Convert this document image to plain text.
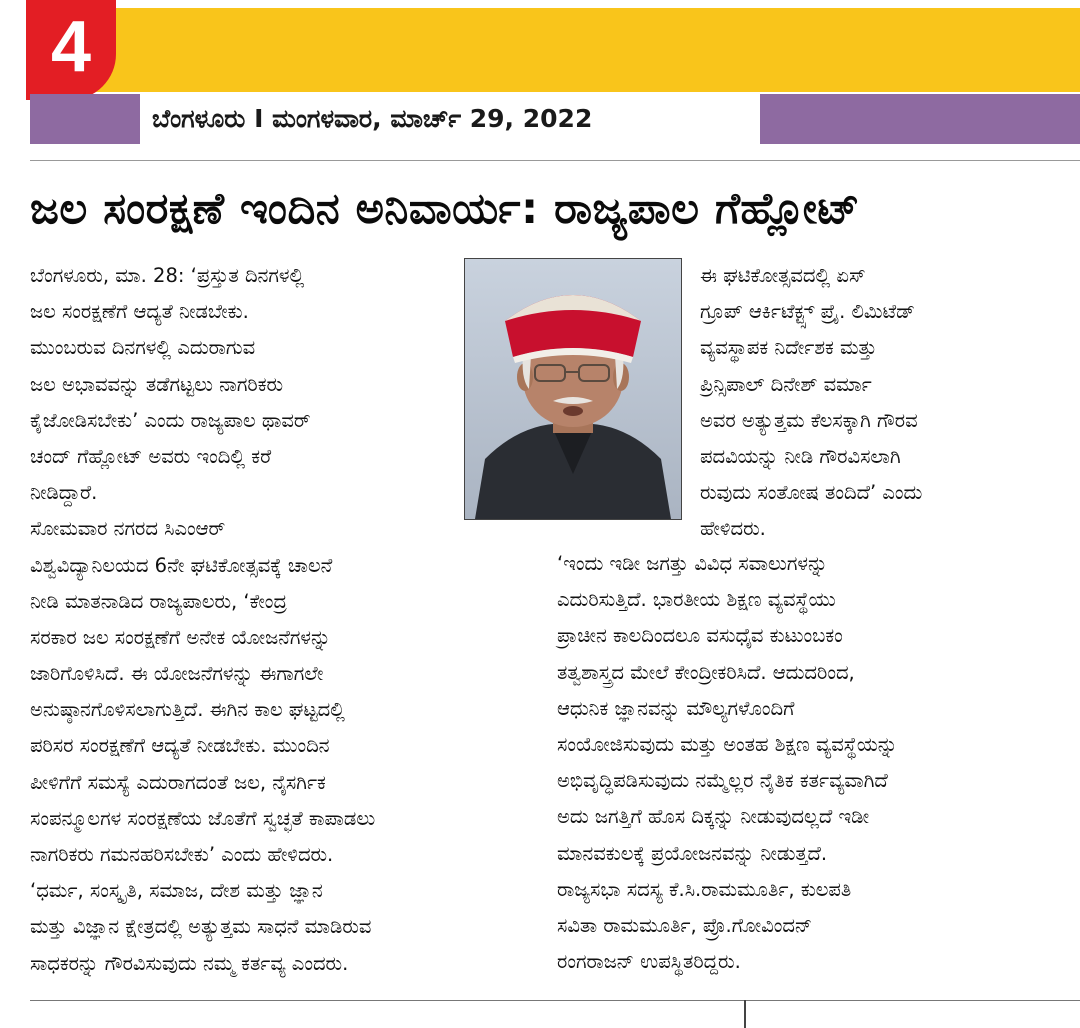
4
ಬೆಂಗಳೂರು I ಮಂಗಳವಾರ, ಮಾರ್ಚ್ 29, 2022
ಜಲ ಸಂರಕ್ಷಣೆ ಇಂದಿನ ಅನಿವಾರ್ಯ: ರಾಜ್ಯಪಾಲ ಗೆಹ್ಲೋಟ್

ಬೆಂಗಳೂರು, ಮಾ. 28: ‘ಪ್ರಸ್ತುತ ದಿನಗಳಲ್ಲಿ

ಜಲ ಸಂರಕ್ಷಣೆಗೆ ಆದ್ಯತೆ ನೀಡಬೇಕು.

ಮುಂಬರುವ ದಿನಗಳಲ್ಲಿ ಎದುರಾಗುವ

ಜಲ ಅಭಾವವನ್ನು ತಡೆಗಟ್ಟಲು ನಾಗರಿಕರು

ಕೈಜೋಡಿಸಬೇಕು’ ಎಂದು ರಾಜ್ಯಪಾಲ ಥಾವರ್

ಚಂದ್ ಗೆಹ್ಲೋಟ್ ಅವರು ಇಂದಿಲ್ಲಿ ಕರೆ

ನೀಡಿದ್ದಾರೆ.

ಸೋಮವಾರ ನಗರದ ಸಿಎಂಆರ್

ವಿಶ್ವವಿದ್ಯಾನಿಲಯದ 6ನೇ ಘಟಿಕೋತ್ಸವಕ್ಕೆ ಚಾಲನೆ

ನೀಡಿ ಮಾತನಾಡಿದ ರಾಜ್ಯಪಾಲರು, ‘ಕೇಂದ್ರ

ಸರಕಾರ ಜಲ ಸಂರಕ್ಷಣೆಗೆ ಅನೇಕ ಯೋಜನೆಗಳನ್ನು

ಜಾರಿಗೊಳಿಸಿದೆ. ಈ ಯೋಜನೆಗಳನ್ನು ಈಗಾಗಲೇ

ಅನುಷ್ಠಾನಗೊಳಿಸಲಾಗುತ್ತಿದೆ. ಈಗಿನ ಕಾಲ ಘಟ್ಟದಲ್ಲಿ

ಪರಿಸರ ಸಂರಕ್ಷಣೆಗೆ ಆದ್ಯತೆ ನೀಡಬೇಕು. ಮುಂದಿನ

ಪೀಳಿಗೆಗೆ ಸಮಸ್ಯೆ ಎದುರಾಗದಂತೆ ಜಲ, ನೈಸರ್ಗಿಕ

ಸಂಪನ್ಮೂಲಗಳ ಸಂರಕ್ಷಣೆಯ ಜೊತೆಗೆ ಸ್ವಚ್ಛತೆ ಕಾಪಾಡಲು

ನಾಗರಿಕರು ಗಮನಹರಿಸಬೇಕು’ ಎಂದು ಹೇಳಿದರು.

‘ಧರ್ಮ, ಸಂಸ್ಕೃತಿ, ಸಮಾಜ, ದೇಶ ಮತ್ತು ಜ್ಞಾನ

ಮತ್ತು ವಿಜ್ಞಾನ ಕ್ಷೇತ್ರದಲ್ಲಿ ಅತ್ಯುತ್ತಮ ಸಾಧನೆ ಮಾಡಿರುವ

ಸಾಧಕರನ್ನು ಗೌರವಿಸುವುದು ನಮ್ಮ ಕರ್ತವ್ಯ ಎಂದರು.

ಈ ಘಟಿಕೋತ್ಸವದಲ್ಲಿ ಏಸ್

ಗ್ರೂಪ್ ಆರ್ಕಿಟೆಕ್ಟ್ಸ್ ಪ್ರೈ. ಲಿಮಿಟೆಡ್

ವ್ಯವಸ್ಥಾಪಕ ನಿರ್ದೇಶಕ ಮತ್ತು

ಪ್ರಿನ್ಸಿಪಾಲ್ ದಿನೇಶ್ ವರ್ಮಾ

ಅವರ ಅತ್ಯುತ್ತಮ ಕೆಲಸಕ್ಕಾಗಿ ಗೌರವ

ಪದವಿಯನ್ನು ನೀಡಿ ಗೌರವಿಸಲಾಗಿ

ರುವುದು ಸಂತೋಷ ತಂದಿದೆ’ ಎಂದು

ಹೇಳಿದರು.

‘ಇಂದು ಇಡೀ ಜಗತ್ತು ವಿವಿಧ ಸವಾಲುಗಳನ್ನು

ಎದುರಿಸುತ್ತಿದೆ. ಭಾರತೀಯ ಶಿಕ್ಷಣ ವ್ಯವಸ್ಥೆಯು

ಪ್ರಾಚೀನ ಕಾಲದಿಂದಲೂ ವಸುಧೈವ ಕುಟುಂಬಕಂ

ತತ್ವಶಾಸ್ತ್ರದ ಮೇಲೆ ಕೇಂದ್ರೀಕರಿಸಿದೆ. ಆದುದರಿಂದ,

ಆಧುನಿಕ ಜ್ಞಾನವನ್ನು ಮೌಲ್ಯಗಳೊಂದಿಗೆ

ಸಂಯೋಜಿಸುವುದು ಮತ್ತು ಅಂತಹ ಶಿಕ್ಷಣ ವ್ಯವಸ್ಥೆಯನ್ನು

ಅಭಿವೃದ್ಧಿಪಡಿಸುವುದು ನಮ್ಮೆಲ್ಲರ ನೈತಿಕ ಕರ್ತವ್ಯವಾಗಿದೆ

ಅದು ಜಗತ್ತಿಗೆ ಹೊಸ ದಿಕ್ಕನ್ನು ನೀಡುವುದಲ್ಲದೆ ಇಡೀ

ಮಾನವಕುಲಕ್ಕೆ ಪ್ರಯೋಜನವನ್ನು ನೀಡುತ್ತದೆ.

ರಾಜ್ಯಸಭಾ ಸದಸ್ಯ ಕೆ.ಸಿ.ರಾಮಮೂರ್ತಿ, ಕುಲಪತಿ

ಸವಿತಾ ರಾಮಮೂರ್ತಿ, ಪ್ರೊ.ಗೋವಿಂದನ್

ರಂಗರಾಜನ್ ಉಪಸ್ಥಿತರಿದ್ದರು.
